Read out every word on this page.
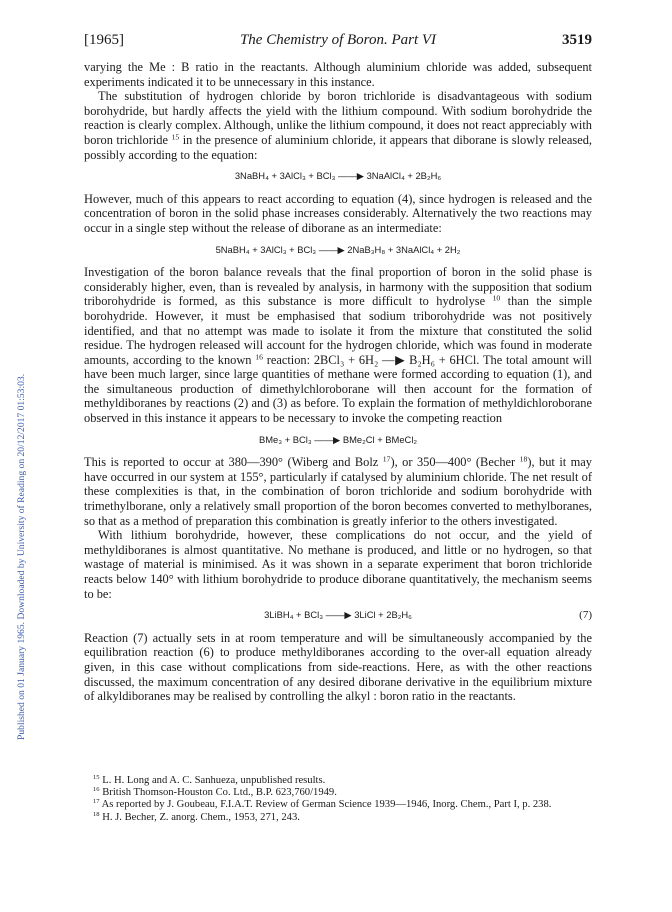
Published on 01 January 1965. Downloaded by University of Reading on 20/12/2017 01:53:03.
[1965]	The Chemistry of Boron. Part VI	3519

varying the Me : B ratio in the reactants. Although aluminium chloride was added, subsequent experiments indicated it to be unnecessary in this instance.

The substitution of hydrogen chloride by boron trichloride is disadvantageous with sodium borohydride, but hardly affects the yield with the lithium compound. With sodium borohydride the reaction is clearly complex. Although, unlike the lithium compound, it does not react appreciably with boron trichloride $^{15}$ in the presence of aluminium chloride, it appears that diborane is slowly released, possibly according to the equation:

3NaBH₄ + 3AlCl₃ + BCl₃ ——▶ 3NaAlCl₄ + 2B₂H₆

However, much of this appears to react according to equation (4), since hydrogen is released and the concentration of boron in the solid phase increases considerably. Alternatively the two reactions may occur in a single step without the release of diborane as an intermediate:

5NaBH₄ + 3AlCl₃ + BCl₃ ——▶ 2NaB₃H₈ + 3NaAlCl₄ + 2H₂

Investigation of the boron balance reveals that the final proportion of boron in the solid phase is considerably higher, even, than is revealed by analysis, in harmony with the supposition that sodium triborohydride is formed, as this substance is more difficult to hydrolyse $^{10}$ than the simple borohydride. However, it must be emphasised that sodium triborohydride was not positively identified, and that no attempt was made to isolate it from the mixture that constituted the solid residue. The hydrogen released will account for the hydrogen chloride, which was found in moderate amounts, according to the known $^{16}$ reaction: 2BCl₃ + 6H₂ —▶ B₂H₆ + 6HCl. The total amount will have been much larger, since large quantities of methane were formed according to equation (1), and the simultaneous production of dimethylchloroborane will then account for the formation of methyldiboranes by reactions (2) and (3) as before. To explain the formation of methyldichloroborane observed in this instance it appears to be necessary to invoke the competing reaction

BMe₃ + BCl₃ ——▶ BMe₂Cl + BMeCl₂

This is reported to occur at 380—390° (Wiberg and Bolz $^{17}$), or 350—400° (Becher $^{18}$), but it may have occurred in our system at 155°, particularly if catalysed by aluminium chloride. The net result of these complexities is that, in the combination of boron trichloride and sodium borohydride with trimethylborane, only a relatively small proportion of the boron becomes converted to methylboranes, so that as a method of preparation this combination is greatly inferior to the others investigated.

With lithium borohydride, however, these complications do not occur, and the yield of methyldiboranes is almost quantitative. No methane is produced, and little or no hydrogen, so that wastage of material is minimised. As it was shown in a separate experiment that boron trichloride reacts below 140° with lithium borohydride to produce diborane quantitatively, the mechanism seems to be:

3LiBH₄ + BCl₃ ——▶ 3LiCl + 2B₂H₆	(7)

Reaction (7) actually sets in at room temperature and will be simultaneously accompanied by the equilibration reaction (6) to produce methyldiboranes according to the over-all equation already given, in this case without complications from side-reactions. Here, as with the other reactions discussed, the maximum concentration of any desired diborane derivative in the equilibrium mixture of alkyldiboranes may be realised by controlling the alkyl : boron ratio in the reactants.

$^{15}$ L. H. Long and A. C. Sanhueza, unpublished results.
$^{16}$ British Thomson-Houston Co. Ltd., B.P. 623,760/1949.
$^{17}$ As reported by J. Goubeau, F.I.A.T. Review of German Science 1939—1946, Inorg. Chem., Part I, p. 238.
$^{18}$ H. J. Becher, Z. anorg. Chem., 1953, 271, 243.
